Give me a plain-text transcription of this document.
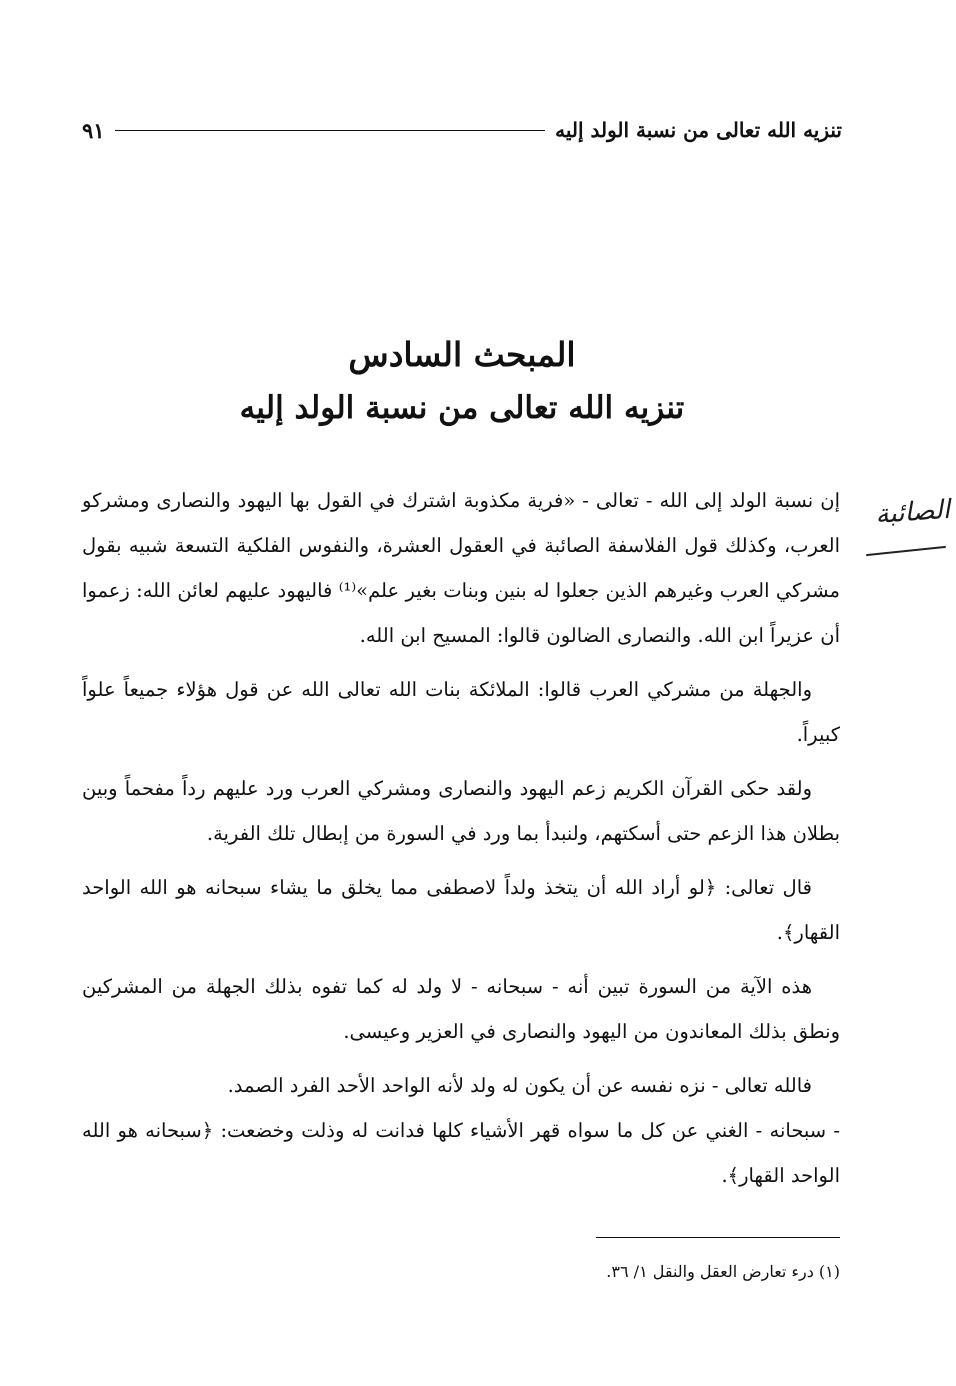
تنزيه الله تعالى من نسبة الولد إليه
٩١
المبحث السادس
تنزيه الله تعالى من نسبة الولد إليه

إن نسبة الولد إلى الله - تعالى - «فرية مكذوبة اشترك في القول بها اليهود والنصارى ومشركو العرب، وكذلك قول الفلاسفة الصائبة في العقول العشرة، والنفوس الفلكية التسعة شبيه بقول مشركي العرب وغيرهم الذين جعلوا له بنين وبنات بغير علم»⁽¹⁾ فاليهود عليهم لعائن الله: زعموا أن عزيراً ابن الله. والنصارى الضالون قالوا: المسيح ابن الله.

والجهلة من مشركي العرب قالوا: الملائكة بنات الله تعالى الله عن قول هؤلاء جميعاً علواً كبيراً.

ولقد حكى القرآن الكريم زعم اليهود والنصارى ومشركي العرب ورد عليهم رداً مفحماً وبين بطلان هذا الزعم حتى أسكتهم، ولنبدأ بما ورد في السورة من إبطال تلك الفرية.

قال تعالى: ﴿لو أراد الله أن يتخذ ولداً لاصطفى مما يخلق ما يشاء سبحانه هو الله الواحد القهار﴾.

هذه الآية من السورة تبين أنه - سبحانه - لا ولد له كما تفوه بذلك الجهلة من المشركين ونطق بذلك المعاندون من اليهود والنصارى في العزير وعيسى.

فالله تعالى - نزه نفسه عن أن يكون له ولد لأنه الواحد الأحد الفرد الصمد.

- سبحانه - الغني عن كل ما سواه قهر الأشياء كلها فدانت له وذلت وخضعت: ﴿سبحانه هو الله الواحد القهار﴾.

الصائبة
(١) درء تعارض العقل والنقل ١/ ٣٦.
